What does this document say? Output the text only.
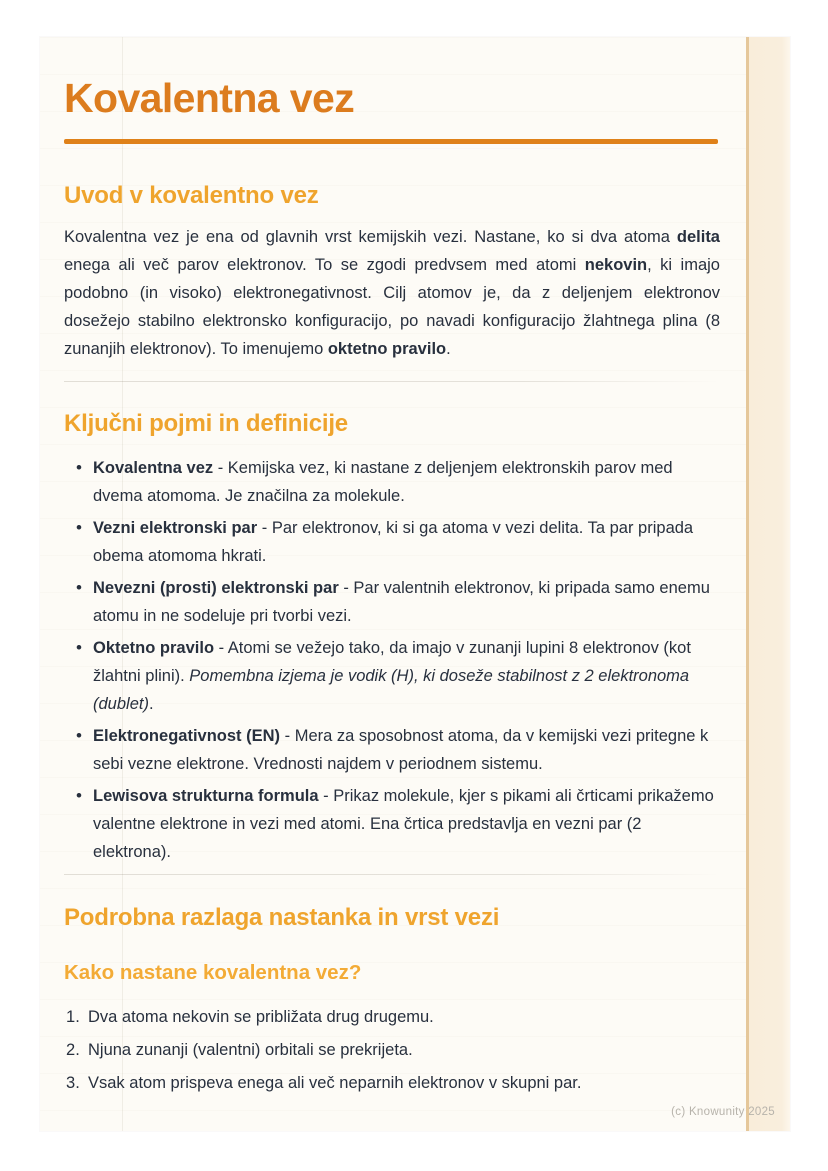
Kovalentna vez
Uvod v kovalentno vez

Kovalentna vez je ena od glavnih vrst kemijskih vezi. Nastane, ko si dva atoma delita enega ali več parov elektronov. To se zgodi predvsem med atomi nekovin, ki imajo podobno (in visoko) elektronegativnost. Cilj atomov je, da z deljenjem elektronov dosežejo stabilno elektronsko konfiguracijo, po navadi konfiguracijo žlahtnega plina (8 zunanjih elektronov). To imenujemo oktetno pravilo.

Ključni pojmi in definicije
• Kovalentna vez - Kemijska vez, ki nastane z deljenjem elektronskih parov med dvema atomoma. Je značilna za molekule.
• Vezni elektronski par - Par elektronov, ki si ga atoma v vezi delita. Ta par pripada obema atomoma hkrati.
• Nevezni (prosti) elektronski par - Par valentnih elektronov, ki pripada samo enemu atomu in ne sodeluje pri tvorbi vezi.
• Oktetno pravilo - Atomi se vežejo tako, da imajo v zunanji lupini 8 elektronov (kot žlahtni plini). Pomembna izjema je vodik (H), ki doseže stabilnost z 2 elektronoma (dublet).
• Elektronegativnost (EN) - Mera za sposobnost atoma, da v kemijski vezi pritegne k sebi vezne elektrone. Vrednosti najdem v periodnem sistemu.
• Lewisova strukturna formula - Prikaz molekule, kjer s pikami ali črticami prikažemo valentne elektrone in vezi med atomi. Ena črtica predstavlja en vezni par (2 elektrona).
Podrobna razlaga nastanka in vrst vezi
Kako nastane kovalentna vez?
Dva atoma nekovin se približata drug drugemu.
Njuna zunanji (valentni) orbitali se prekrijeta.
Vsak atom prispeva enega ali več neparnih elektronov v skupni par.
(c) Knowunity 2025
